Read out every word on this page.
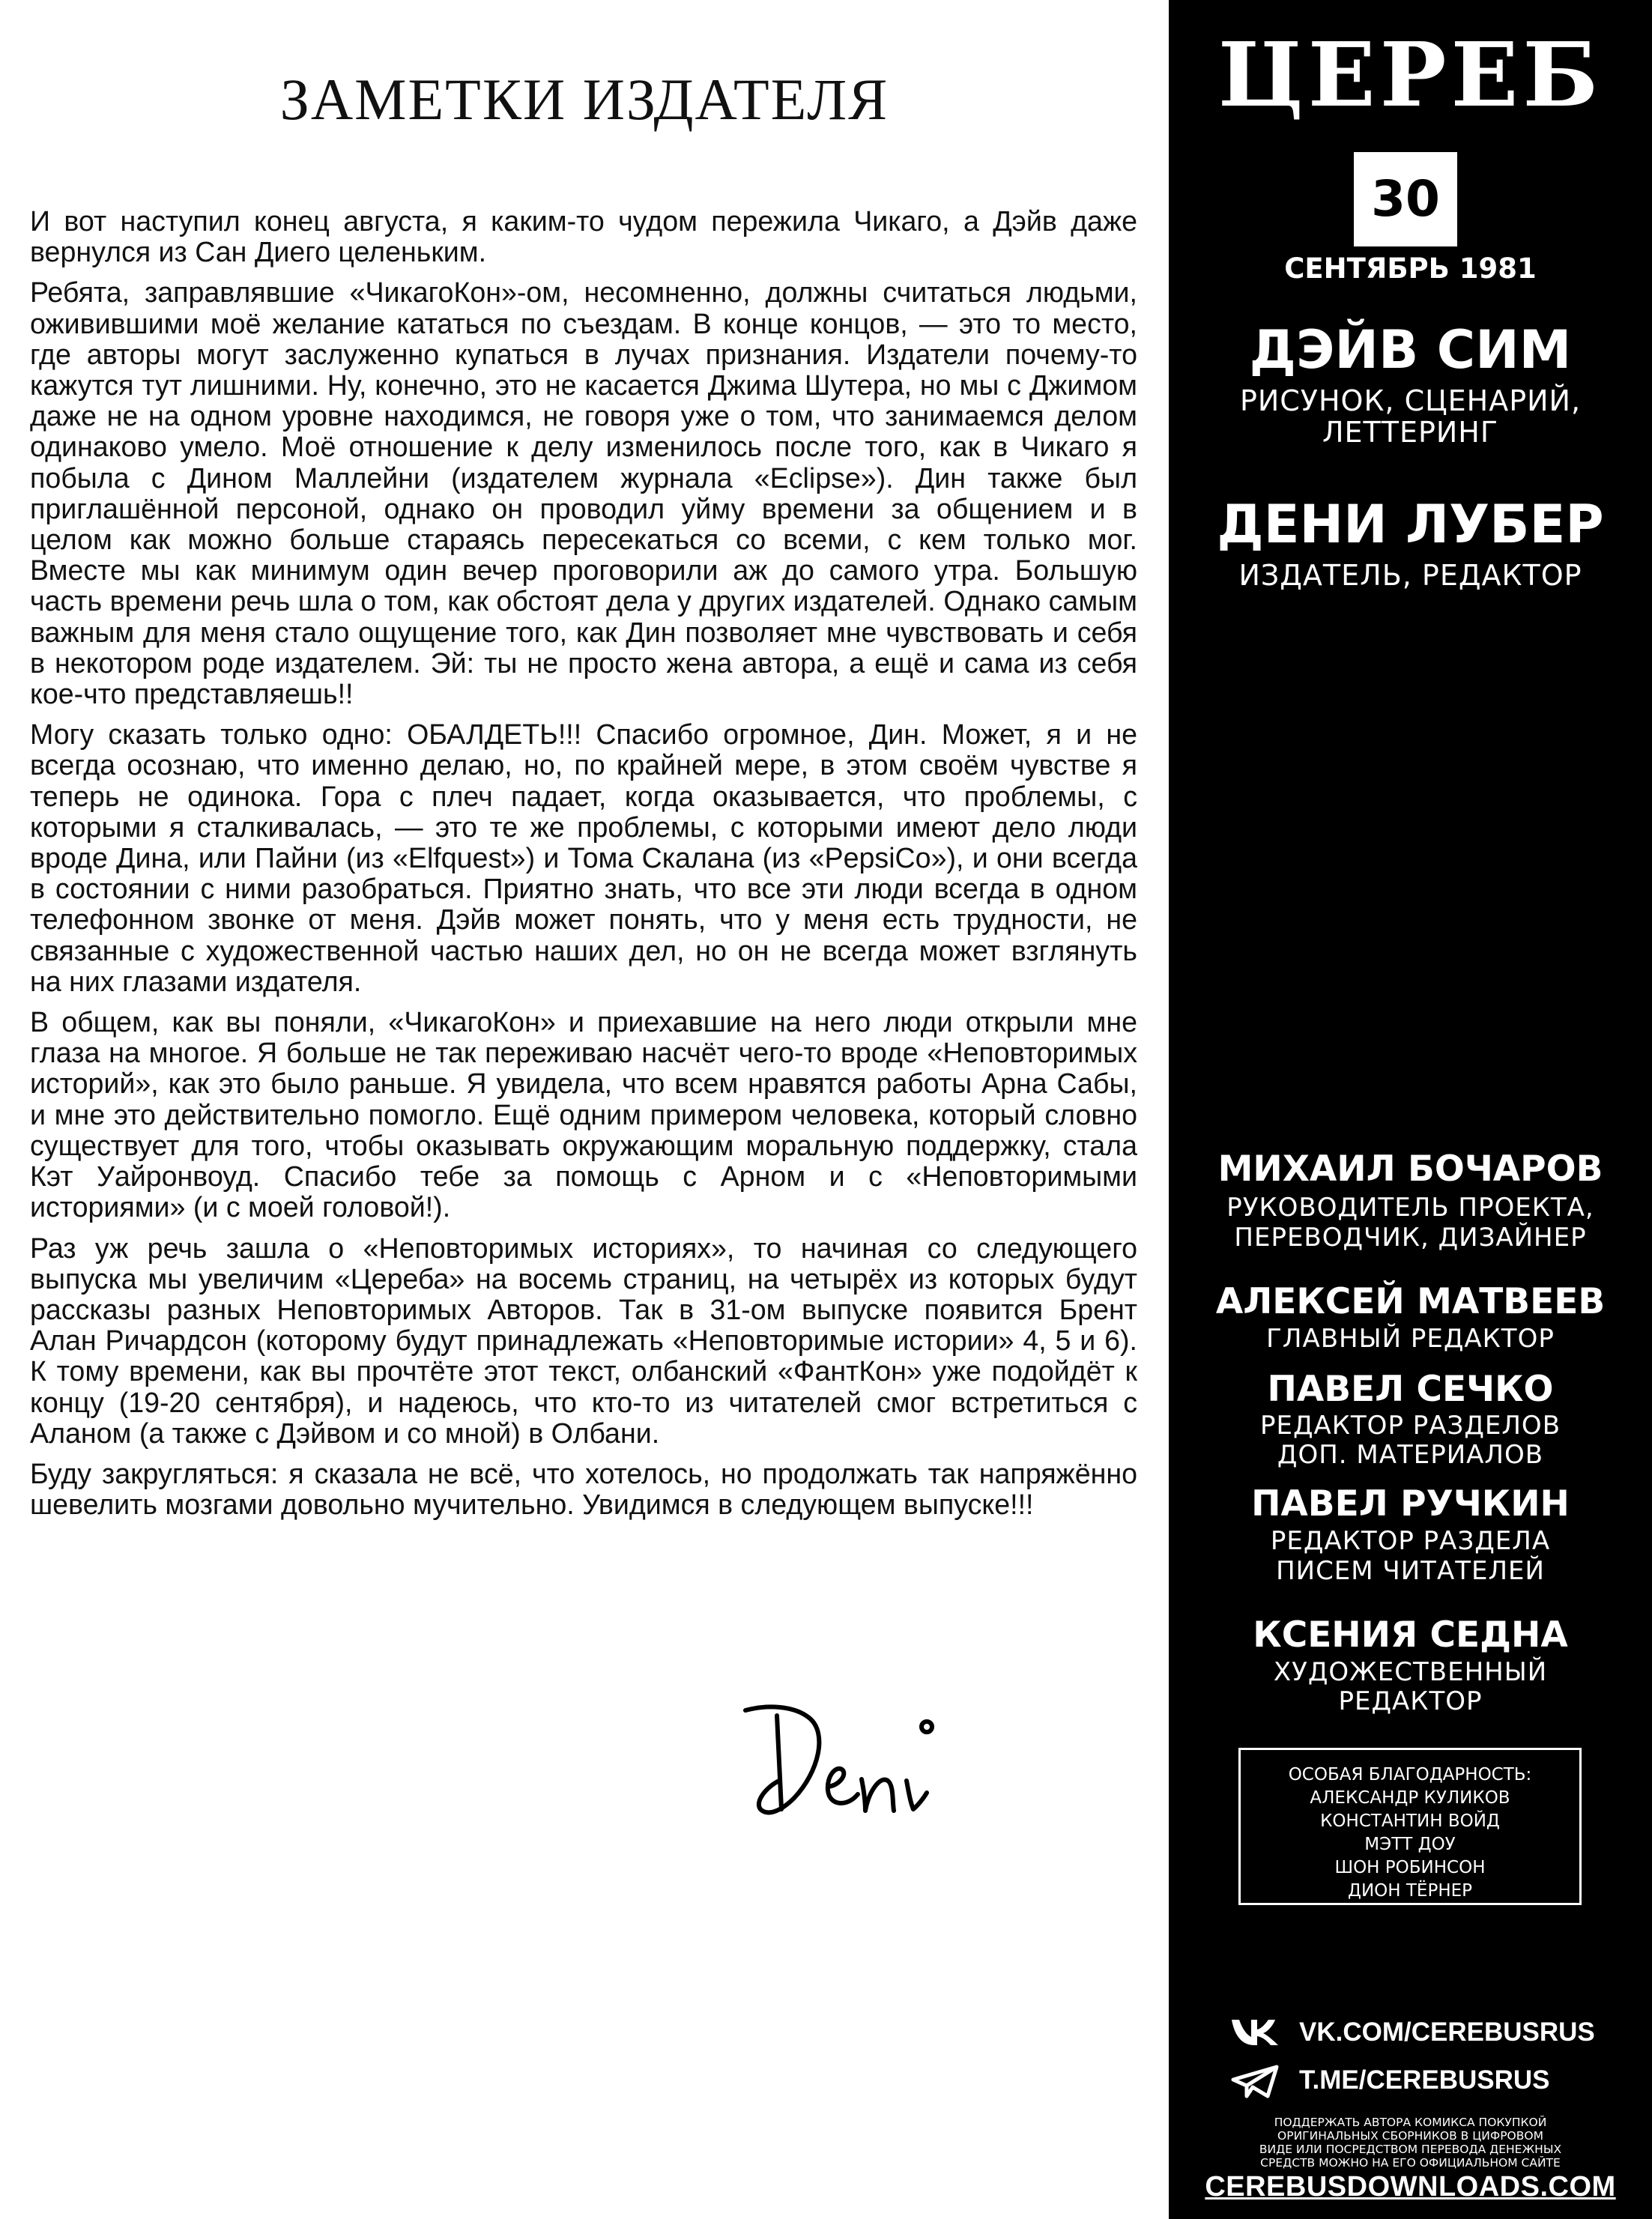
ЗАМЕТКИ ИЗДАТЕЛЯ

И вот наступил конец августа, я каким-то чудом пережила Чикаго, а Дэйв даже вернулся из Сан Диего целеньким.

Ребята, заправлявшие «ЧикагоКон»-ом, несомненно, должны считаться людьми, оживившими моё желание кататься по съездам. В конце концов, — это то место, где авторы могут заслуженно купаться в лучах признания. Издатели почему-то кажутся тут лишними. Ну, конечно, это не касается Джима Шутера, но мы с Джимом даже не на одном уровне находимся, не говоря уже о том, что занимаемся делом одинаково умело. Моё отношение к делу изменилось после того, как в Чикаго я побыла с Дином Маллейни (издателем журнала «Eclipse»). Дин также был приглашённой персоной, однако он проводил уйму времени за общением и в целом как можно больше стараясь пересекаться со всеми, с кем только мог. Вместе мы как минимум один вечер проговорили аж до самого утра. Большую часть времени речь шла о том, как обстоят дела у других издателей. Однако самым важным для меня стало ощущение того, как Дин позволяет мне чувствовать и себя в некотором роде издателем. Эй: ты не просто жена автора, а ещё и сама из себя кое-что представляешь!!

Могу сказать только одно: ОБАЛДЕТЬ!!! Спасибо огромное, Дин. Может, я и не всегда осознаю, что именно делаю, но, по крайней мере, в этом своём чувстве я теперь не одинока. Гора с плеч падает, когда оказывается, что проблемы, с которыми я сталкивалась, — это те же проблемы, с которыми имеют дело люди вроде Дина, или Пайни (из «Elfquest») и Тома Скалана (из «PepsiCo»), и они всегда в состоянии с ними разобраться. Приятно знать, что все эти люди всегда в одном телефонном звонке от меня. Дэйв может понять, что у меня есть трудности, не связанные с художественной частью наших дел, но он не всегда может взглянуть на них глазами издателя.

В общем, как вы поняли, «ЧикагоКон» и приехавшие на него люди открыли мне глаза на многое. Я больше не так переживаю насчёт чего-то вроде «Неповторимых историй», как это было раньше. Я увидела, что всем нравятся работы Арна Сабы, и мне это действительно помогло. Ещё одним примером человека, который словно существует для того, чтобы оказывать окружающим моральную поддержку, стала Кэт Уайронвоуд. Спасибо тебе за помощь с Арном и с «Неповторимыми историями» (и с моей головой!).

Раз уж речь зашла о «Неповторимых историях», то начиная со следующего выпуска мы увеличим «Цереба» на восемь страниц, на четырёх из которых будут рассказы разных Неповторимых Авторов. Так в 31-ом выпуске появится Брент Алан Ричардсон (которому будут принадлежать «Неповторимые истории» 4, 5 и 6). К тому времени, как вы прочтёте этот текст, олбанский «ФантКон» уже подойдёт к концу (19-20 сентября), и надеюсь, что кто-то из читателей смог встретиться с Аланом (а также с Дэйвом и со мной) в Олбани.

Буду закругляться: я сказала не всё, что хотелось, но продолжать так напряжённо шевелить мозгами довольно мучительно. Увидимся в следующем выпуске!!!

ЦЕРЕБ
30
СЕНТЯБРЬ 1981
ДЭЙВ СИМ
РИСУНОК, СЦЕНАРИЙ,
ЛЕТТЕРИНГ
ДЕНИ ЛУБЕР
ИЗДАТЕЛЬ, РЕДАКТОР
МИХАИЛ БОЧАРОВ
РУКОВОДИТЕЛЬ ПРОЕКТА,
ПЕРЕВОДЧИК, ДИЗАЙНЕР
АЛЕКСЕЙ МАТВЕЕВ
ГЛАВНЫЙ РЕДАКТОР
ПАВЕЛ СЕЧКО
РЕДАКТОР РАЗДЕЛОВ
ДОП. МАТЕРИАЛОВ
ПАВЕЛ РУЧКИН
РЕДАКТОР РАЗДЕЛА
ПИСЕМ ЧИТАТЕЛЕЙ
КСЕНИЯ СЕДНА
ХУДОЖЕСТВЕННЫЙ
РЕДАКТОР
ОСОБАЯ БЛАГОДАРНОСТЬ:
АЛЕКСАНДР КУЛИКОВ
КОНСТАНТИН ВОЙД
МЭТТ ДОУ
ШОН РОБИНСОН
ДИОН ТЁРНЕР
VK.COM/CEREBUSRUS
T.ME/CEREBUSRUS
ПОДДЕРЖАТЬ АВТОРА КОМИКСА ПОКУПКОЙ
ОРИГИНАЛЬНЫХ СБОРНИКОВ В ЦИФРОВОМ
ВИДЕ ИЛИ ПОСРЕДСТВОМ ПЕРЕВОДА ДЕНЕЖНЫХ
СРЕДСТВ МОЖНО НА ЕГО ОФИЦИАЛЬНОМ САЙТЕ
CEREBUSDOWNLOADS.COM
